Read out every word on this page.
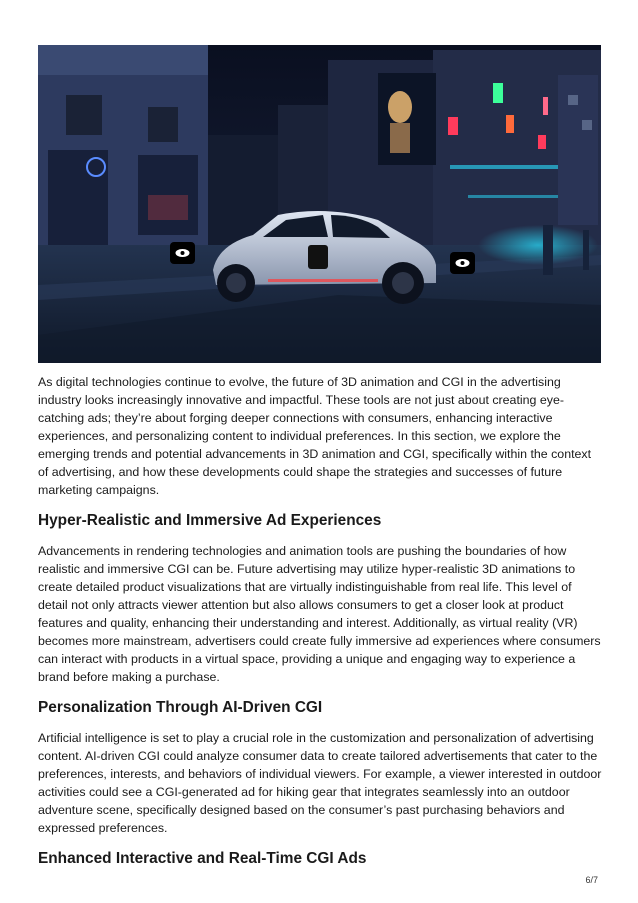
As digital technologies continue to evolve, the future of 3D animation and CGI in the advertising industry looks increasingly innovative and impactful. These tools are not just about creating eye-catching ads; they’re about forging deeper connections with consumers, enhancing interactive experiences, and personalizing content to individual preferences. In this section, we explore the emerging trends and potential advancements in 3D animation and CGI, specifically within the context of advertising, and how these developments could shape the strategies and successes of future marketing campaigns.

Hyper-Realistic and Immersive Ad Experiences

Advancements in rendering technologies and animation tools are pushing the boundaries of how realistic and immersive CGI can be. Future advertising may utilize hyper-realistic 3D animations to create detailed product visualizations that are virtually indistinguishable from real life. This level of detail not only attracts viewer attention but also allows consumers to get a closer look at product features and quality, enhancing their understanding and interest. Additionally, as virtual reality (VR) becomes more mainstream, advertisers could create fully immersive ad experiences where consumers can interact with products in a virtual space, providing a unique and engaging way to experience a brand before making a purchase.

Personalization Through AI-Driven CGI

Artificial intelligence is set to play a crucial role in the customization and personalization of advertising content. AI-driven CGI could analyze consumer data to create tailored advertisements that cater to the preferences, interests, and behaviors of individual viewers. For example, a viewer interested in outdoor activities could see a CGI-generated ad for hiking gear that integrates seamlessly into an outdoor adventure scene, specifically designed based on the consumer’s past purchasing behaviors and expressed preferences.

Enhanced Interactive and Real-Time CGI Ads
6/7
